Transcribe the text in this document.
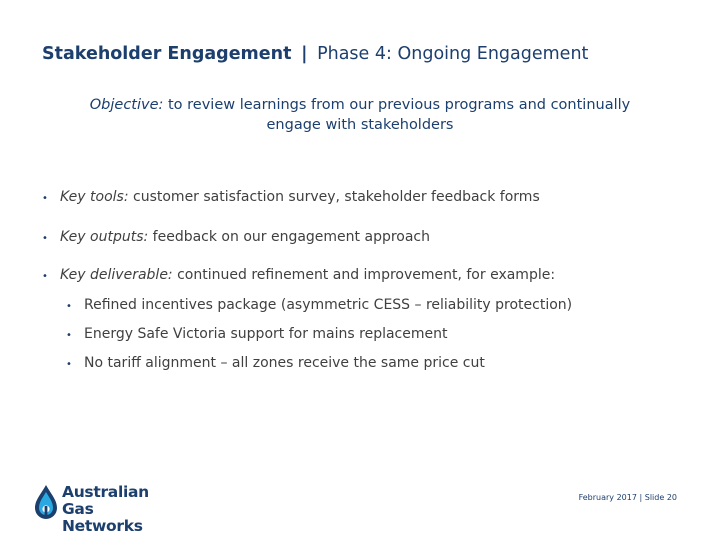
Stakeholder Engagement | Phase 4: Ongoing Engagement
Objective: to review learnings from our previous programs and continually
engage with stakeholders
• Key tools: customer satisfaction survey, stakeholder feedback forms
• Key outputs: feedback on our engagement approach
• Key deliverable: continued refinement and improvement, for example:
• Refined incentives package (asymmetric CESS – reliability protection)
• Energy Safe Victoria support for mains replacement
• No tariff alignment – all zones receive the same price cut
Australian
Gas Networks
February 2017 | Slide 20
